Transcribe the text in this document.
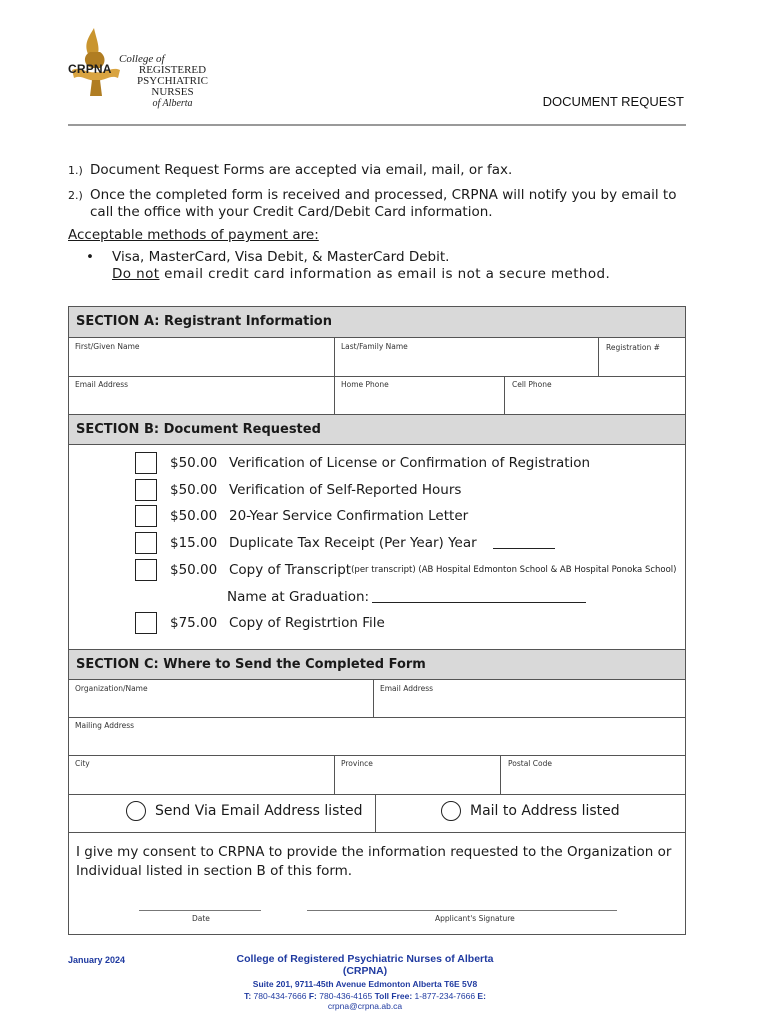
CRPNA
College of
REGISTERED
PSYCHIATRIC NURSES
of Alberta	DOCUMENT REQUEST
1.) Document Request Forms are accepted via email, mail, or fax.
2.) Once the completed form is received and processed, CRPNA will notify you by email to call the office with your Credit Card/Debit Card information.
Acceptable methods of payment are:
•	Visa, MasterCard, Visa Debit, & MasterCard Debit.
Do not email credit card information as email is not a secure method.
SECTION A: Registrant Information
First/Given Name	Last/Family Name	Registration #
Email Address	Home Phone	Cell Phone
SECTION B: Document Requested
$50.00 Verification of License or Confirmation of Registration
$50.00 Verification of Self-Reported Hours
$50.00 20-Year Service Confirmation Letter
$15.00 Duplicate Tax Receipt (Per Year) Year
$50.00 Copy of Transcript (per transcript) (AB Hospital Edmonton School & AB Hospital Ponoka School)
Name at Graduation:
$75.00 Copy of Registrtion File
SECTION C: Where to Send the Completed Form
Organization/Name	Email Address
Mailing Address
City	Province	Postal Code
Send Via Email Address listed	Mail to Address listed
I give my consent to CRPNA to provide the information requested to the Organization or Individual listed in section B of this form.
Date	Applicant's Signature
January 2024	College of Registered Psychiatric Nurses of Alberta (CRPNA)
Suite 201, 9711-45th Avenue Edmonton Alberta T6E 5V8
T: 780-434-7666 F: 780-436-4165 Toll Free: 1-877-234-7666 E: crpna@crpna.ab.ca
